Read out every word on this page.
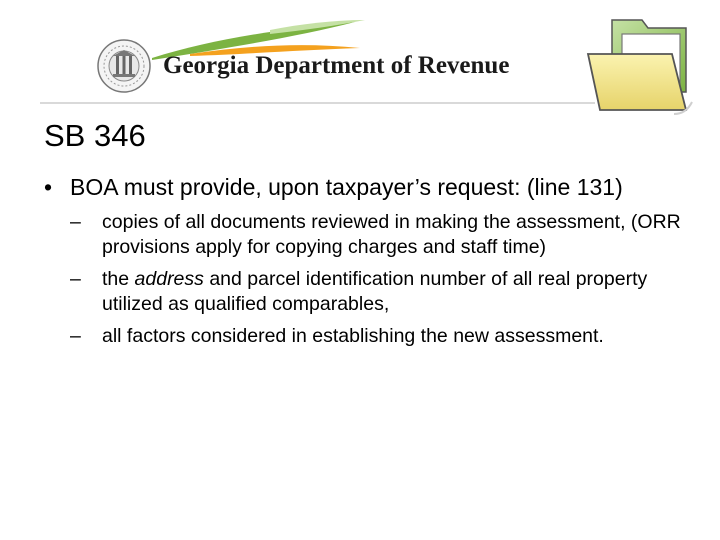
Georgia Department of Revenue
SB 346
• BOA must provide, upon taxpayer’s request: (line 131)
– copies of all documents reviewed in making the assessment, (ORR provisions apply for copying charges and staff time)
– the address and parcel identification number of all real property utilized as qualified comparables,
– all factors considered in establishing the new assessment.
